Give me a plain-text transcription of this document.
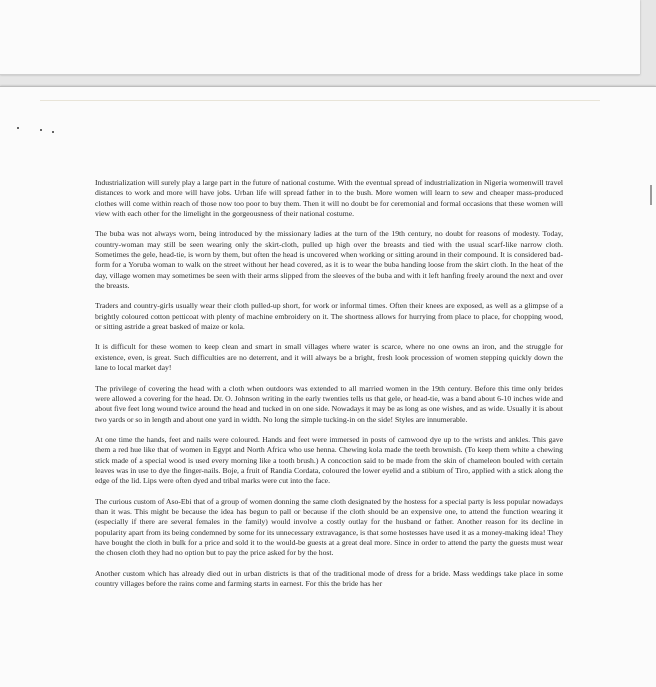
Industrialization will surely play a large part in the future of national costume. With the eventual spread of industrialization in Nigeria womenwill travel distances to work and more will have jobs. Urban life will spread father in to the bush. More women will learn to sew and cheaper mass-produced clothes will come within reach of those now too poor to buy them. Then it will no doubt be for ceremonial and formal occasions that these women will view with each other for the limelight in the gorgeousness of their national costume.

The buba was not always worn, being introduced by the missionary ladies at the turn of the 19th century, no doubt for reasons of modesty. Today, country-woman may still be seen wearing only the skirt-cloth, pulled up high over the breasts and tied with the usual scarf-like narrow cloth. Sometimes the gele, head-tie, is worn by them, but often the head is uncovered when working or sitting around in their compound. It is considered bad-form for a Yoruba woman to walk on the street without her head covered, as it is to wear the buba handing loose from the skirt cloth. In the heat of the day, village women may sometimes be seen with their arms slipped from the sleeves of the buba and with it left hanfing freely around the next and over the breasts.

Traders and country-girls usually wear their cloth pulled-up short, for work or informal times. Often their knees are exposed, as well as a glimpse of a brightly coloured cotton petticoat with plenty of machine embroidery on it. The shortness allows for hurrying from place to place, for chopping wood, or sitting astride a great basked of maize or kola.

It is difficult for these women to keep clean and smart in small villages where water is scarce, where no one owns an iron, and the struggle for existence, even, is great. Such difficulties are no deterrent, and it will always be a bright, fresh look procession of women stepping quickly down the lane to local market day!

The privilege of covering the head with a cloth when outdoors was extended to all married women in the 19th century. Before this time only brides were allowed a covering for the head. Dr. O. Johnson writing in the early twenties tells us that gele, or head-tie, was a band about 6-10 inches wide and about five feet long wound twice around the head and tucked in on one side. Nowadays it may be as long as one wishes, and as wide. Usually it is about two yards or so in length and about one yard in width. No long the simple tucking-in on the side! Styles are innumerable.

At one time the hands, feet and nails were coloured. Hands and feet were immersed in posts of camwood dye up to the wrists and ankles. This gave them a red hue like that of women in Egypt and North Africa who use henna. Chewing kola made the teeth brownish. (To keep them white a chewing stick made of a special wood is used every morning like a tooth brush.) A concoction said to be made from the skin of chameleon bouled with certain leaves was in use to dye the finger-nails. Boje, a fruit of Randia Cordata, coloured the lower eyelid and a stibium of Tiro, applied with a stick along the edge of the lid. Lips were often dyed and tribal marks were cut into the face.

The curious custom of Aso-Ebi that of a group of women donning the same cloth designated by the hostess for a special party is less popular nowadays than it was. This might be because the idea has begun to pall or because if the cloth should be an expensive one, to attend the function wearing it (especially if there are several females in the family) would involve a costly outlay for the husband or father. Another reason for its decline in popularity apart from its being condemned by some for its unnecessary extravagance, is that some hostesses have used it as a money-making idea! They have bought the cloth in bulk for a price and sold it to the would-be guests at a great deal more. Since in order to attend the party the guests must wear the chosen cloth they had no option but to pay the price asked for by the host.

Another custom which has already died out in urban districts is that of the traditional mode of dress for a bride. Mass weddings take place in some country villages before the rains come and farming starts in earnest. For this the bride has her
